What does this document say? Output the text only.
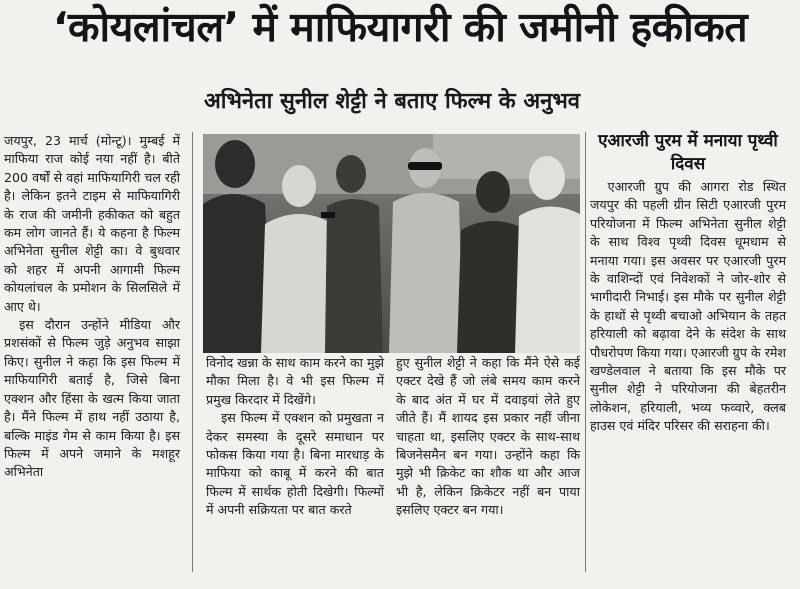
‘कोयलांचल’ में माफियागरी की जमीनी हकीकत
अभिनेता सुनील शेट्टी ने बताए फिल्म के अनुभव

जयपुर, 23 मार्च (मोन्टू)। मुम्बई में माफिया राज कोई नया नहीं है। बीते 200 वर्षों से वहां माफियागिरी चल रही है। लेकिन इतने टाइम से माफियागिरी के राज की जमीनी हकीकत को बहुत कम लोग जानते हैं। ये कहना है फिल्म अभिनेता सुनील शेट्टी का। वे बुधवार को शहर में अपनी आगामी फिल्म कोयलांचल के प्रमोशन के सिलसिले में आए थे।

इस दौरान उन्होंने मीडिया और प्रशसंकों से फिल्म जुड़े अनुभव साझा किए। सुनील ने कहा कि इस फिल्म में माफियागिरी बताई है, जिसे बिना एक्शन और हिंसा के खत्म किया जाता है। मैंने फिल्म में हाथ नहीं उठाया है, बल्कि माइंड गेम से काम किया है। इस फिल्म में अपने जमाने के मशहूर अभिनेता

विनोद खन्ना के साथ काम करने का मुझे मौका मिला है। वे भी इस फिल्म में प्रमुख किरदार में दिखेंगे।

इस फिल्म में एक्शन को प्रमुखता न देकर समस्या के दूसरे समाधान पर फोकस किया गया है। बिना मारधाड़ के माफिया को काबू में करने की बात फिल्म में सार्थक होती दिखेगी। फिल्मों में अपनी सक्रियता पर बात करते

हुए सुनील शेट्टी ने कहा कि मैंने ऐसे कई एक्टर देखे हैं जो लंबे समय काम करने के बाद अंत में घर में दवाइयां लेते हुए जीते हैं। मैं शायद इस प्रकार नहीं जीना चाहता था, इसलिए एक्टर के साथ-साथ बिजनेसमैन बन गया। उन्होंने कहा कि मुझे भी क्रिकेट का शौक था और आज भी है, लेकिन क्रिकेटर नहीं बन पाया इसलिए एक्टर बन गया।

एआरजी पुरम में मनाया पृथ्वी दिवस

एआरजी ग्रुप की आगरा रोड स्थित जयपुर की पहली ग्रीन सिटी एआरजी पुरम परियोजना में फिल्म अभिनेता सुनील शेट्टी के साथ विश्व पृथ्वी दिवस धूमधाम से मनाया गया। इस अवसर पर एआरजी पुरम के वाशिन्दों एवं निवेशकों ने जोर-शोर से भागीदारी निभाई। इस मौके पर सुनील शेट्टी के हाथों से पृथ्वी बचाओ अभियान के तहत हरियाली को बढ़ावा देने के संदेश के साथ पौधरोपण किया गया। एआरजी ग्रुप के रमेश खण्डेलवाल ने बताया कि इस मौके पर सुनील शेट्टी ने परियोजना की बेहतरीन लोकेशन, हरियाली, भव्य फव्वारे, क्लब हाउस एवं मंदिर परिसर की सराहना की।
